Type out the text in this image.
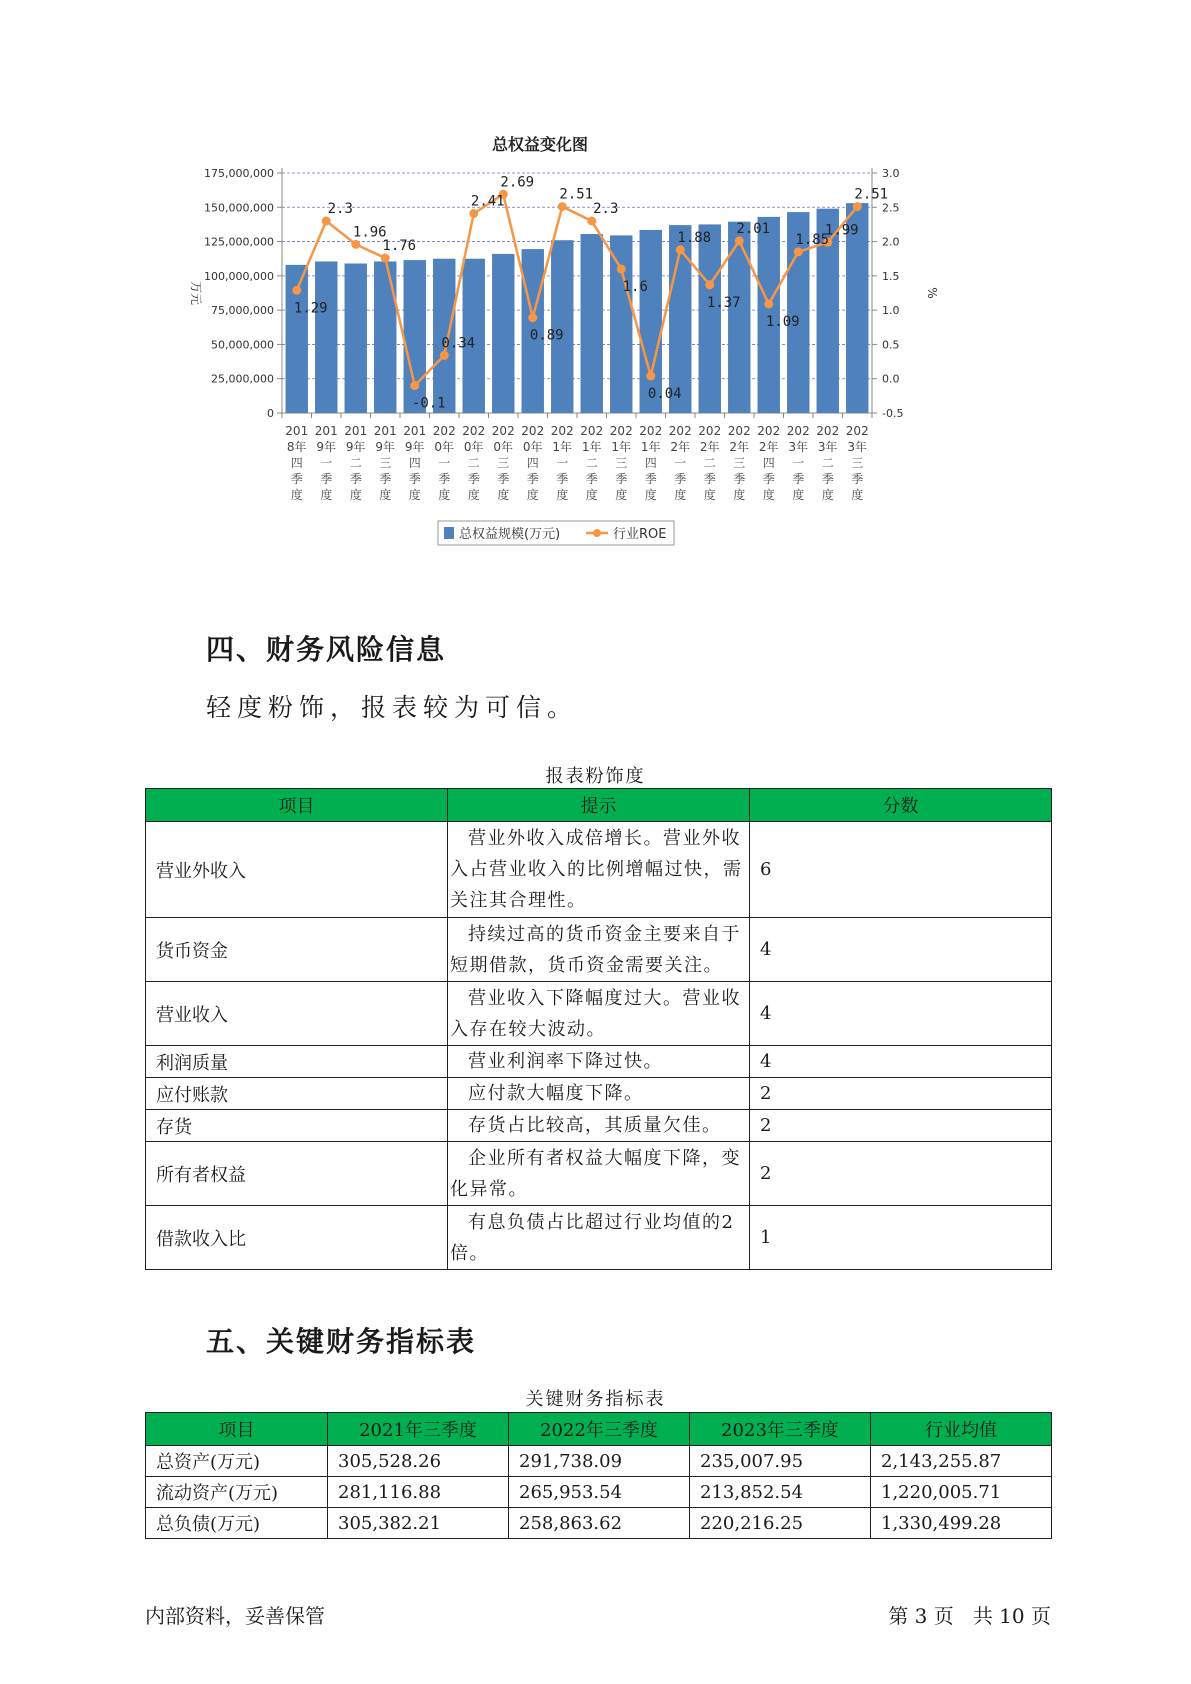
总权益变化图
0
25,000,000
50,000,000
75,000,000
100,000,000
125,000,000
150,000,000
175,000,000
-0.5
0.0
0.5
1.0
1.5
2.0
2.5
3.0
万元	%
201 8年四季度
201 9年一季度
201 9年二季度
201 9年三季度
201 9年四季度
202 0年一季度
202 0年二季度
202 0年三季度
202 0年四季度
202 1年一季度
202 1年二季度
202 1年三季度
202 1年四季度
202 2年一季度
202 2年二季度
202 2年三季度
202 2年四季度
202 3年一季度
202 3年二季度
202 3年三季度
1.29
2.3
1.96
1.76
-0.1
0.34
2.41
2.69
0.89
2.51
2.3
1.6
0.04
1.88
1.37
2.01
1.09
1.85
1.99
2.51
总权益规模(万元)	行业ROE
四、财务风险信息
轻度粉饰，报表较为可信。
报表粉饰度
项目	提示	分数
营业外收入	营业外收入成倍增长。营业外收入占营业收入的比例增幅过快，需关注其合理性。	6
货币资金	持续过高的货币资金主要来自于短期借款，货币资金需要关注。	4
营业收入	营业收入下降幅度过大。营业收入存在较大波动。	4
利润质量	营业利润率下降过快。	4
应付账款	应付款大幅度下降。	2
存货	存货占比较高，其质量欠佳。	2
所有者权益	企业所有者权益大幅度下降，变化异常。	2
借款收入比	有息负债占比超过行业均值的2倍。	1
五、关键财务指标表
关键财务指标表
项目	2021年三季度	2022年三季度	2023年三季度	行业均值
总资产(万元)	305,528.26	291,738.09	235,007.95	2,143,255.87
流动资产(万元)	281,116.88	265,953.54	213,852.54	1,220,005.71
总负债(万元)	305,382.21	258,863.62	220,216.25	1,330,499.28
内部资料，妥善保管	第 3 页   共 10 页
